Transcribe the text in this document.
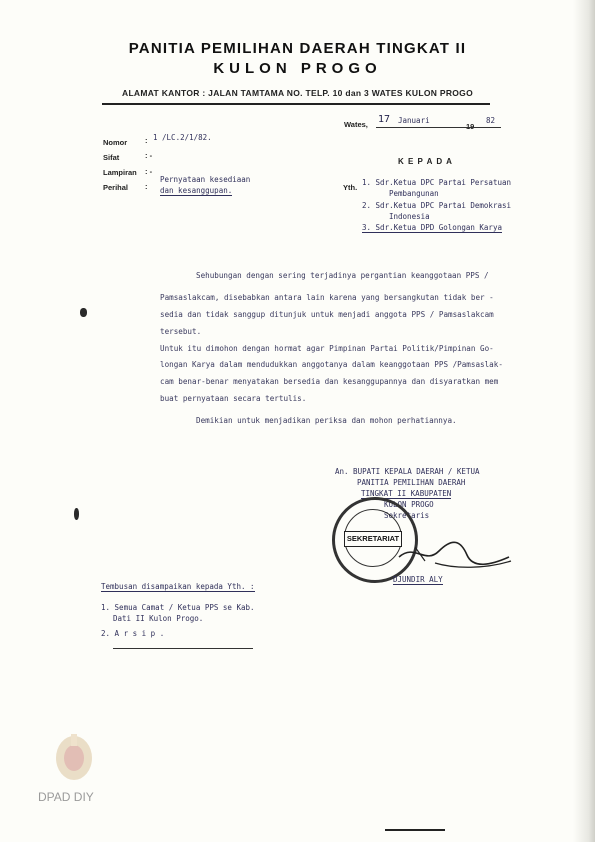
PANITIA PEMILIHAN DAERAH TINGKAT II
KULON PROGO
ALAMAT KANTOR : JALAN TAMTAMA NO. TELP. 10 dan 3 WATES KULON PROGO
Wates, 17 Januari
19
82
Nomor : 1 /LC.2/1/82.
Sifat	: -
Lampiran : -
Perihal :
Pernyataan kesediaan
dan kesanggupan.
K E P A D A
Yth.
1. Sdr.Ketua DPC Partai Persatuan
Pembangunan
2. Sdr.Ketua DPC Partai Demokrasi
Indonesia
3. Sdr.Ketua DPD Golongan Karya
Sehubungan dengan sering terjadinya pergantian keanggotaan PPS /
Pamsaslakcam, disebabkan antara lain karena yang bersangkutan tidak ber -
sedia dan tidak sanggup ditunjuk untuk menjadi anggota PPS / Pamsaslakcam
tersebut.
Untuk itu dimohon dengan hormat agar Pimpinan Partai Politik/Pimpinan Go-
longan Karya dalam mendudukkan anggotanya dalam keanggotaan PPS /Pamsaslak-
cam benar-benar menyatakan bersedia dan kesanggupannya dan disyaratkan mem
buat pernyataan secara tertulis.
Demikian untuk menjadikan periksa dan mohon perhatiannya.
An. BUPATI KEPALA DAERAH / KETUA
PANITIA PEMILIHAN DAERAH
TINGKAT II KABUPATEN
KULON PROGO
Sekretaris
SEKRETARIAT
DJUNDIR ALY
Tembusan disampaikan kepada Yth. :
1. Semua Camat / Ketua PPS se Kab.
Dati II Kulon Progo.
2. A r s i p .
DPAD DIY
